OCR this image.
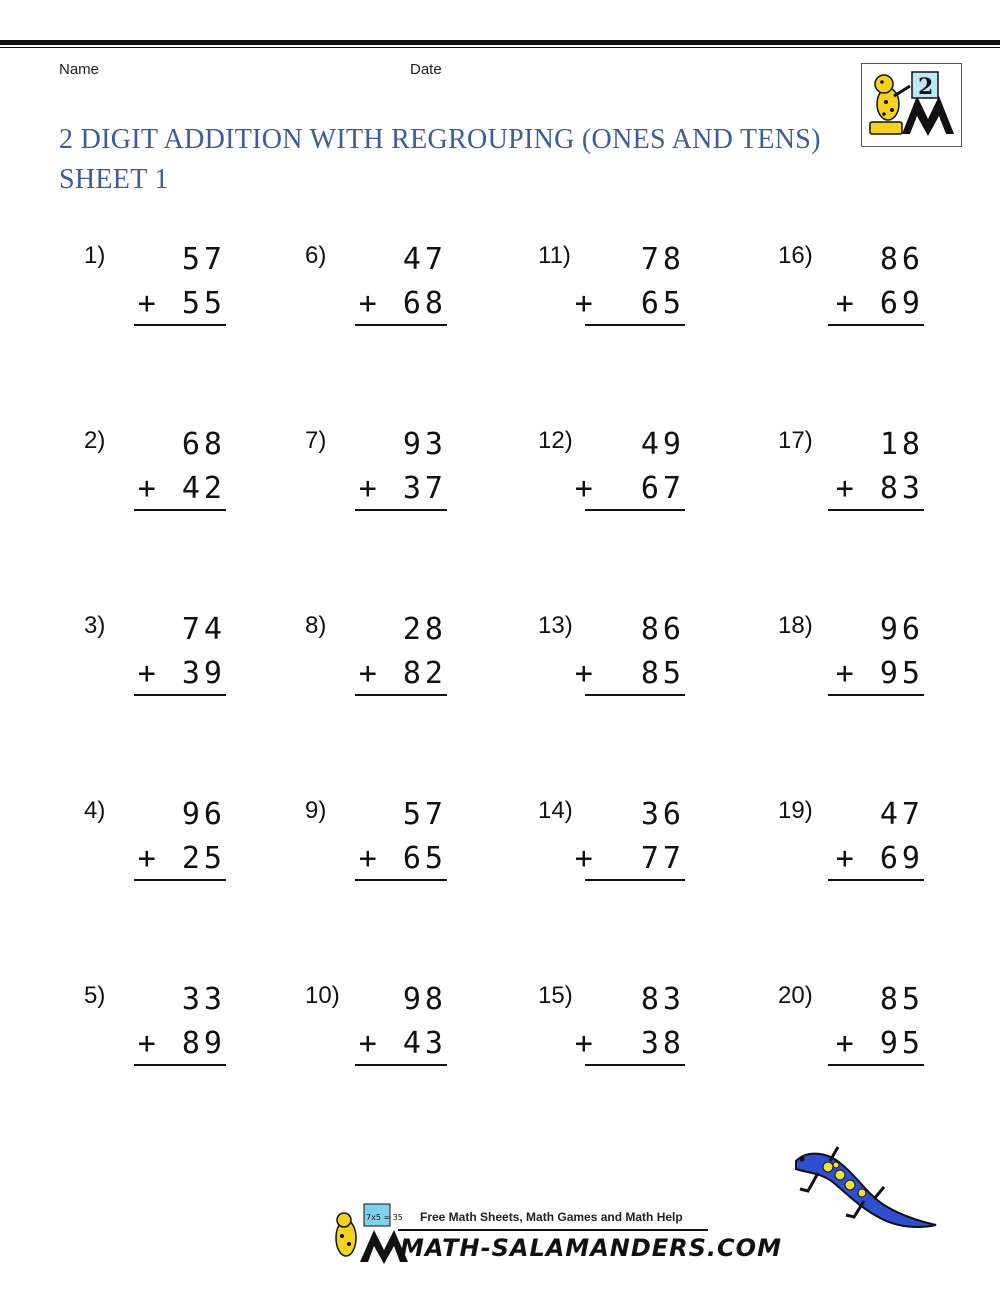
Name	Date
2 DIGIT ADDITION WITH REGROUPING (ONES AND TENS)
SHEET 1
2
1)	57
+ 55
2)	68
+ 42
3)	74
+ 39
4)	96
+ 25
5)	33
+ 89
6)	47
+ 68
7)	93
+ 37
8)	28
+ 82
9)	57
+ 65
10) 98
+ 43
11) 78
+  65
12) 49
+  67
13) 86
+  85
14) 36
+  77
15) 83
+  38
16) 86
+ 69
17) 18
+ 83
18) 96
+ 95
19) 47
+ 69
20) 85
+ 95
7x5 = 35 Free Math Sheets, Math Games and Math Help
MATH-SALAMANDERS.COM
